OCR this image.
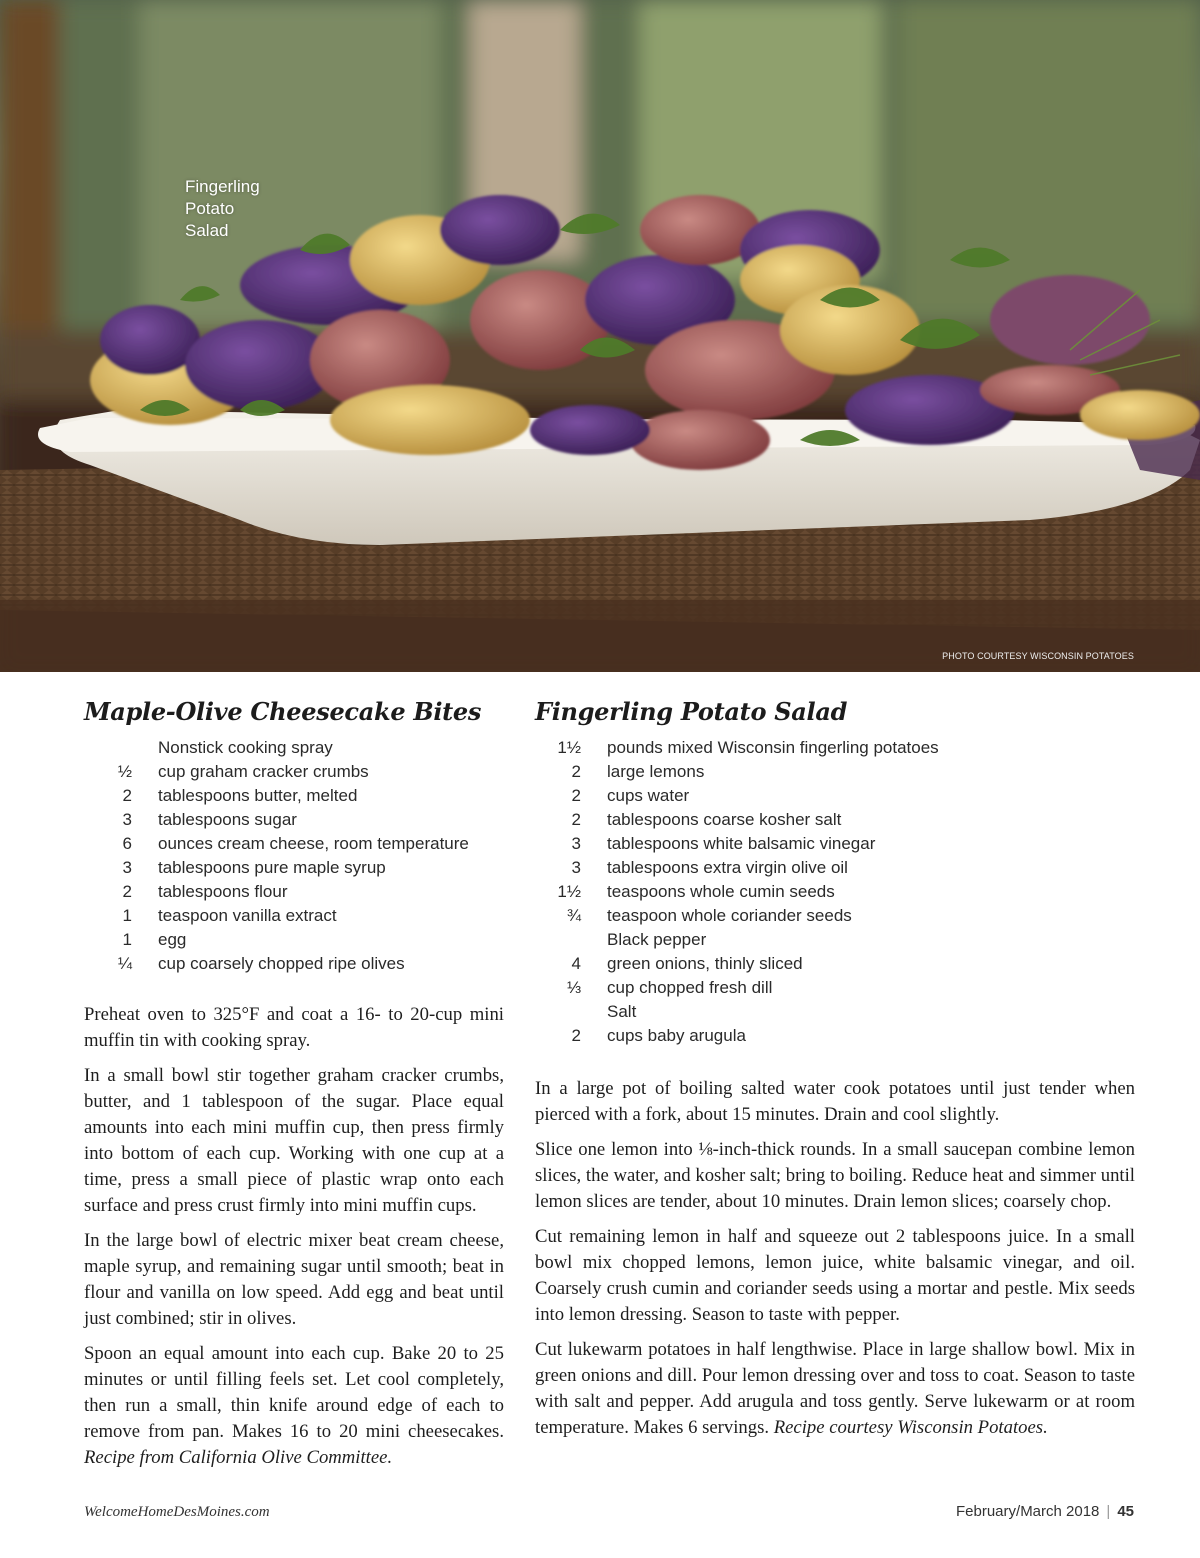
Fingerling
Potato
Salad
PHOTO COURTESY WISCONSIN POTATOES
Maple-Olive Cheesecake Bites
Nonstick cooking spray
½ cup graham cracker crumbs
2 tablespoons butter, melted
3 tablespoons sugar
6 ounces cream cheese, room temperature
3 tablespoons pure maple syrup
2 tablespoons flour
1 teaspoon vanilla extract
1 egg
¼ cup coarsely chopped ripe olives

Preheat oven to 325°F and coat a 16- to 20-cup mini muffin tin with cooking spray.

In a small bowl stir together graham cracker crumbs, butter, and 1 tablespoon of the sugar. Place equal amounts into each mini muffin cup, then press firmly into bottom of each cup. Working with one cup at a time, press a small piece of plastic wrap onto each surface and press crust firmly into mini muffin cups.

In the large bowl of electric mixer beat cream cheese, maple syrup, and remaining sugar until smooth; beat in flour and vanilla on low speed. Add egg and beat until just combined; stir in olives.

Spoon an equal amount into each cup. Bake 20 to 25 minutes or until filling feels set. Let cool completely, then run a small, thin knife around edge of each to remove from pan. Makes 16 to 20 mini cheesecakes. Recipe from California Olive Committee.

Fingerling Potato Salad
1½ pounds mixed Wisconsin fingerling potatoes
2 large lemons
2 cups water
2 tablespoons coarse kosher salt
3 tablespoons white balsamic vinegar
3 tablespoons extra virgin olive oil
1½ teaspoons whole cumin seeds
¾ teaspoon whole coriander seeds
Black pepper
4 green onions, thinly sliced
⅓ cup chopped fresh dill
Salt
2 cups baby arugula

In a large pot of boiling salted water cook potatoes until just tender when pierced with a fork, about 15 minutes. Drain and cool slightly.

Slice one lemon into ⅛-inch-thick rounds. In a small saucepan combine lemon slices, the water, and kosher salt; bring to boiling. Reduce heat and simmer until lemon slices are tender, about 10 minutes. Drain lemon slices; coarsely chop.

Cut remaining lemon in half and squeeze out 2 tablespoons juice. In a small bowl mix chopped lemons, lemon juice, white balsamic vinegar, and oil. Coarsely crush cumin and coriander seeds using a mortar and pestle. Mix seeds into lemon dressing. Season to taste with pepper.

Cut lukewarm potatoes in half lengthwise. Place in large shallow bowl. Mix in green onions and dill. Pour lemon dressing over and toss to coat. Season to taste with salt and pepper. Add arugula and toss gently. Serve lukewarm or at room temperature. Makes 6 servings. Recipe courtesy Wisconsin Potatoes.

WelcomeHomeDesMoines.com	February/March 2018 | 45
